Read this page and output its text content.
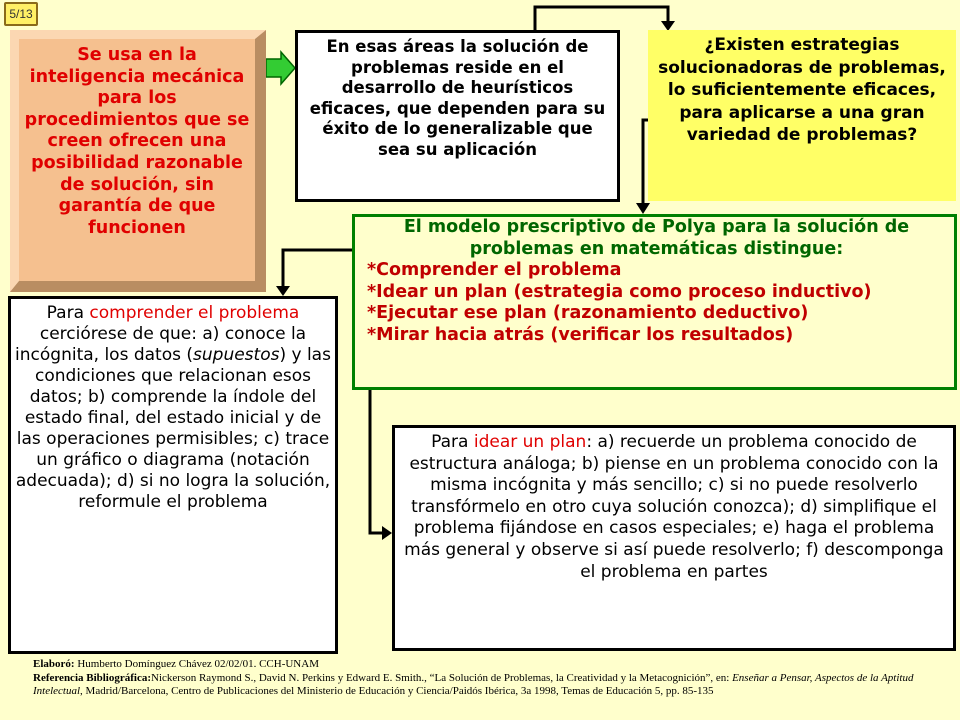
5/13
Se usa en la inteligencia mecánica para los procedimientos que se creen ofrecen una posibilidad razonable de solución, sin garantía de que funcionen
En esas áreas la solución de problemas reside en el desarrollo de heurísticos eficaces, que dependen para su éxito de lo generalizable que sea su aplicación
¿Existen estrategias solucionadoras de problemas, lo suficientemente eficaces, para aplicarse a una gran variedad de problemas?
El modelo prescriptivo de Polya para la solución de problemas en matemáticas distingue:
*Comprender el problema
*Idear un plan (estrategia como proceso inductivo)
*Ejecutar ese plan (razonamiento deductivo)
*Mirar hacia atrás (verificar los resultados)
Para comprender el problema cerciórese de que: a) conoce la incógnita, los datos (supuestos) y las condiciones que relacionan esos datos; b) comprende la índole del estado final, del estado inicial y de las operaciones permisibles; c) trace un gráfico o diagrama (notación adecuada); d) si no logra la solución, reformule el problema
Para idear un plan: a) recuerde un problema conocido de estructura análoga; b) piense en un problema conocido con la misma incógnita y más sencillo; c) si no puede resolverlo transfórmelo en otro cuya solución conozca); d) simplifique el problema fijándose en casos especiales; e) haga el problema más general y observe si así puede resolverlo; f) descomponga el problema en partes
Elaboró: Humberto Domínguez Chávez 02/02/01. CCH-UNAM
Referencia Bibliográfica:Nickerson Raymond S., David N. Perkins y Edward E. Smith., “La Solución de Problemas, la Creatividad y la Metacognición”, en: Enseñar a Pensar, Aspectos de la Aptitud Intelectual, Madrid/Barcelona, Centro de Publicaciones del Ministerio de Educación y Ciencia/Paidós Ibérica, 3a 1998, Temas de Educación 5, pp. 85-135
